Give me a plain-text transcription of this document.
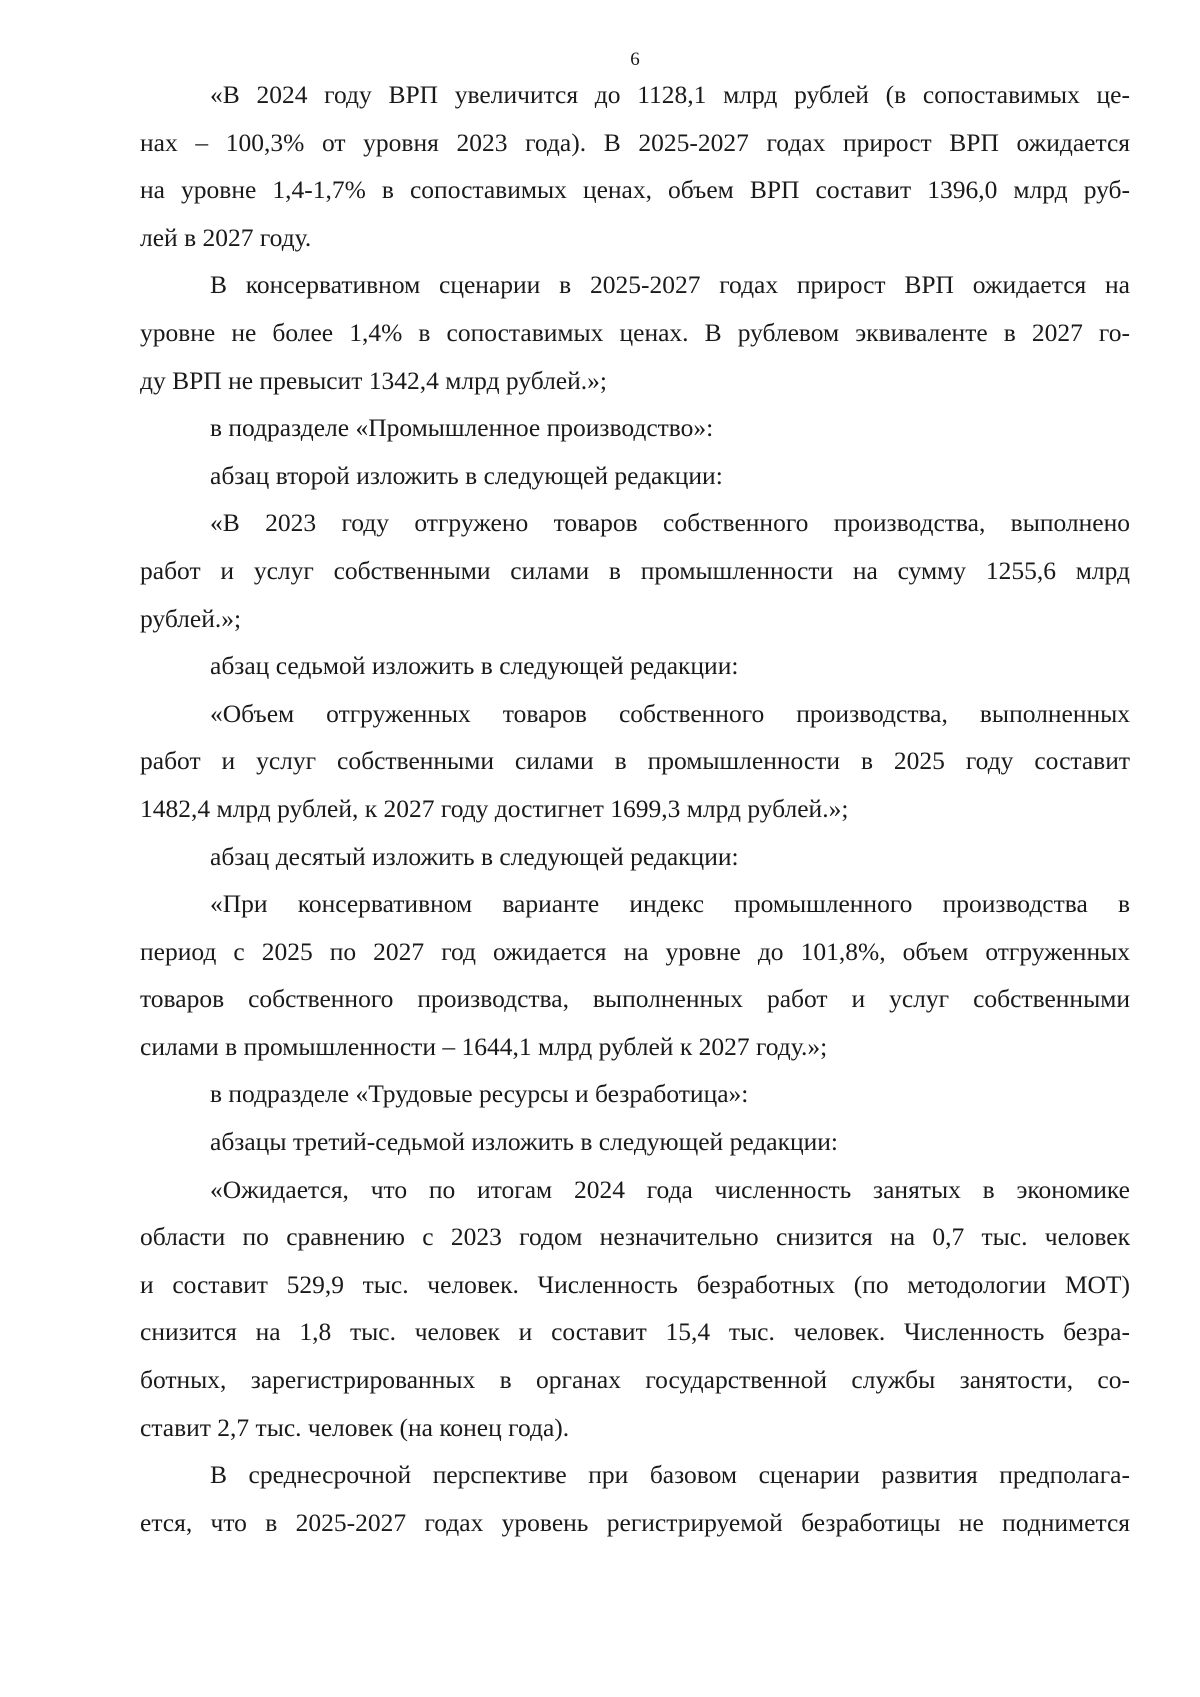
6
«В 2024 году ВРП увеличится до 1128,1 млрд рублей (в сопоставимых це-
нах – 100,3% от уровня 2023 года). В 2025-2027 годах прирост ВРП ожидается
на уровне 1,4-1,7% в сопоставимых ценах, объем ВРП составит 1396,0 млрд руб-
лей в 2027 году.
В консервативном сценарии в 2025-2027 годах прирост ВРП ожидается на
уровне не более 1,4% в сопоставимых ценах. В рублевом эквиваленте в 2027 го-
ду ВРП не превысит 1342,4 млрд рублей.»;
в подразделе «Промышленное производство»:
абзац второй изложить в следующей редакции:
«В 2023 году отгружено товаров собственного производства, выполнено
работ и услуг собственными силами в промышленности на сумму 1255,6 млрд
рублей.»;
абзац седьмой изложить в следующей редакции:
«Объем отгруженных товаров собственного производства, выполненных
работ и услуг собственными силами в промышленности в 2025 году составит
1482,4 млрд рублей, к 2027 году достигнет 1699,3 млрд рублей.»;
абзац десятый изложить в следующей редакции:
«При консервативном варианте индекс промышленного производства в
период с 2025 по 2027 год ожидается на уровне до 101,8%, объем отгруженных
товаров собственного производства, выполненных работ и услуг собственными
силами в промышленности – 1644,1 млрд рублей к 2027 году.»;
в подразделе «Трудовые ресурсы и безработица»:
абзацы третий-седьмой изложить в следующей редакции:
«Ожидается, что по итогам 2024 года численность занятых в экономике
области по сравнению с 2023 годом незначительно снизится на 0,7 тыс. человек
и составит 529,9 тыс. человек. Численность безработных (по методологии МОТ)
снизится на 1,8 тыс. человек и составит 15,4 тыс. человек. Численность безра-
ботных, зарегистрированных в органах государственной службы занятости, со-
ставит 2,7 тыс. человек (на конец года).
В среднесрочной перспективе при базовом сценарии развития предполага-
ется, что в 2025-2027 годах уровень регистрируемой безработицы не поднимется
